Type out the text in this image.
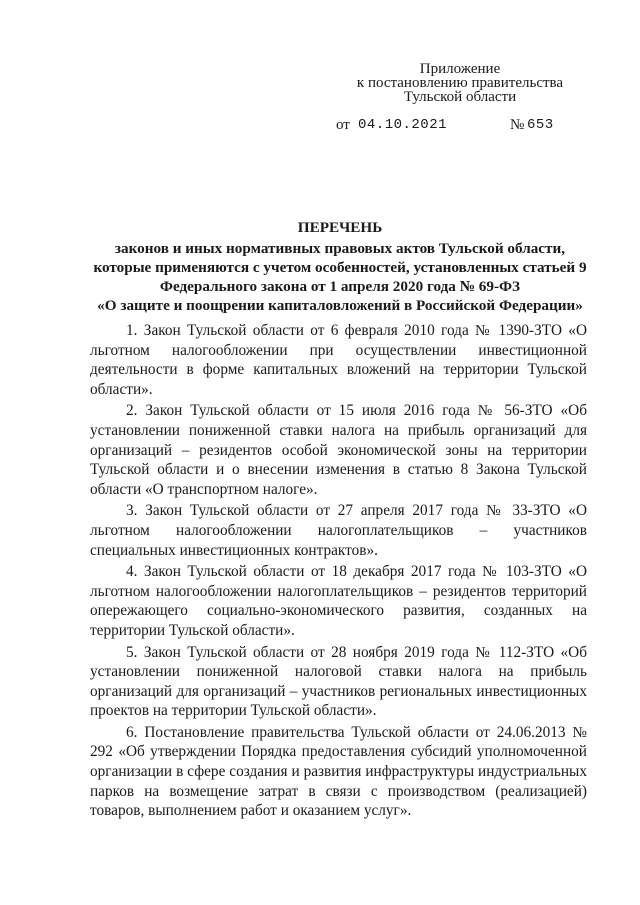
Приложение
к постановлению правительства
Тульской области
от 04.10.2021	№ 653
ПЕРЕЧЕНЬ
законов и иных нормативных правовых актов Тульской области,
которые применяются с учетом особенностей, установленных статьей 9
Федерального закона от 1 апреля 2020 года № 69-ФЗ
«О защите и поощрении капиталовложений в Российской Федерации»

1. Закон Тульской области от 6 февраля 2010 года № 1390-ЗТО «О льготном налогообложении при осуществлении инвестиционной деятельности в форме капитальных вложений на территории Тульской области».

2. Закон Тульской области от 15 июля 2016 года № 56-ЗТО «Об установлении пониженной ставки налога на прибыль организаций для организаций – резидентов особой экономической зоны на территории Тульской области и о внесении изменения в статью 8 Закона Тульской области «О транспортном налоге».

3. Закон Тульской области от 27 апреля 2017 года № 33-ЗТО «О льготном налогообложении налогоплательщиков – участников специальных инвестиционных контрактов».

4. Закон Тульской области от 18 декабря 2017 года № 103-ЗТО «О льготном налогообложении налогоплательщиков – резидентов территорий опережающего социально-экономического развития, созданных на территории Тульской области».

5. Закон Тульской области от 28 ноября 2019 года № 112-ЗТО «Об установлении пониженной налоговой ставки налога на прибыль организаций для организаций – участников региональных инвестиционных проектов на территории Тульской области».

6. Постановление правительства Тульской области от 24.06.2013 № 292 «Об утверждении Порядка предоставления субсидий уполномоченной организации в сфере создания и развития инфраструктуры индустриальных парков на возмещение затрат в связи с производством (реализацией) товаров, выполнением работ и оказанием услуг».
